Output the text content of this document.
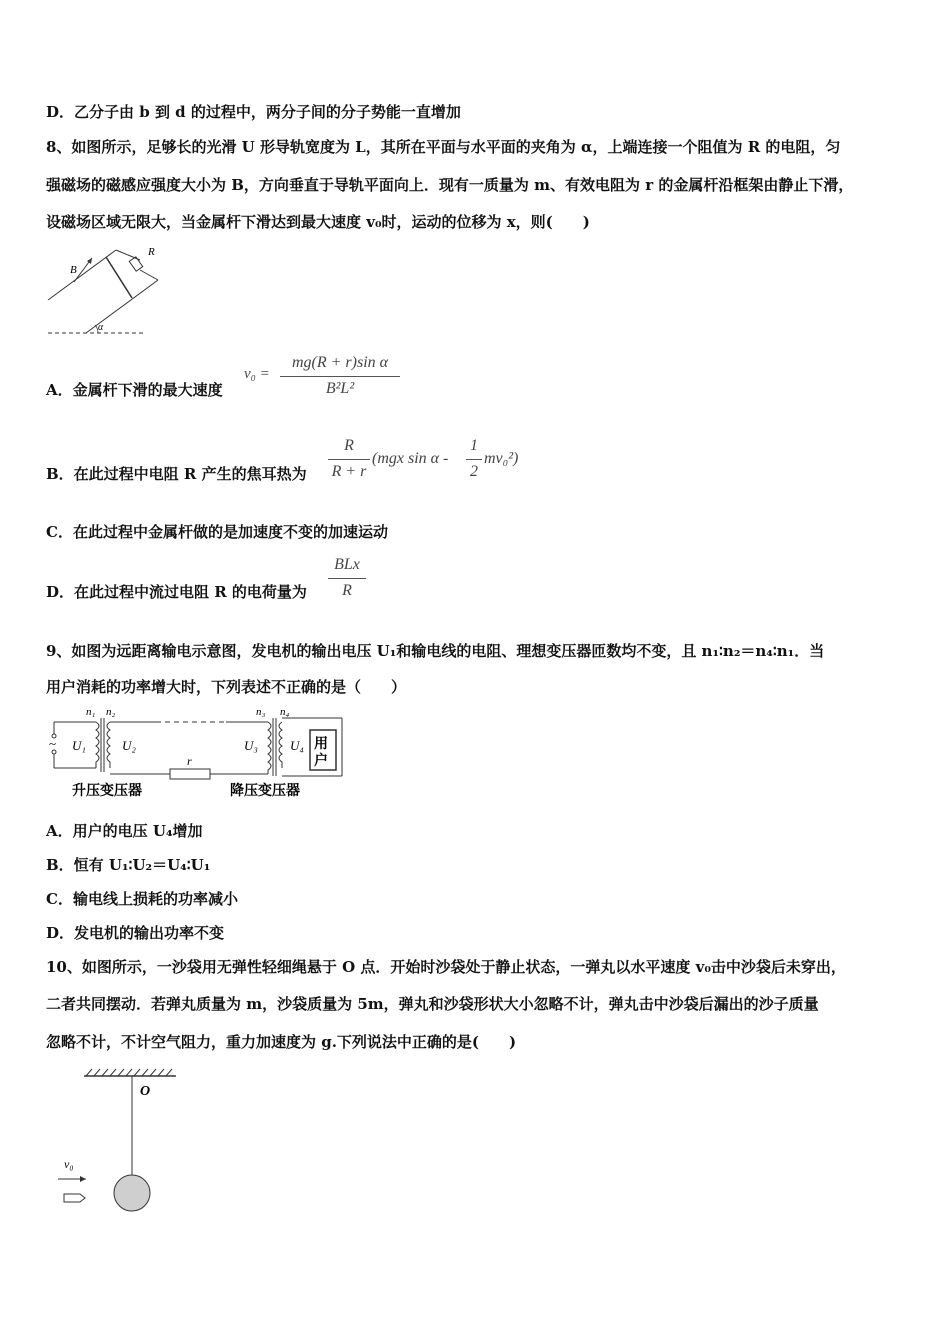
D．乙分子由 b 到 d 的过程中，两分子间的分子势能一直增加
8、如图所示，足够长的光滑 U 形导轨宽度为 L，其所在平面与水平面的夹角为 α，上端连接一个阻值为 R 的电阻，匀
强磁场的磁感应强度大小为 B，方向垂直于导轨平面向上．现有一质量为 m、有效电阻为 r 的金属杆沿框架由静止下滑，
设磁场区域无限大，当金属杆下滑达到最大速度 v₀时，运动的位移为 x，则(　　)
B
R
α
A．金属杆下滑的最大速度
v₀ =
mg(R + r)sin α
B²L²
B．在此过程中电阻 R 产生的焦耳热为
R
R + r
(mgx sin α -
1
2
mv₀²)
C．在此过程中金属杆做的是加速度不变的加速运动
D．在此过程中流过电阻 R 的电荷量为
BLx
R
9、如图为远距离输电示意图，发电机的输出电压 U₁和输电线的电阻、理想变压器匝数均不变，且 n₁∶n₂＝n₄∶n₁．当
用户消耗的功率增大时，下列表述不正确的是（　　）
~ U₁
n₁ n₂
U₂
r
n₃ n₄
U₃ U₄ 用
户
升压变压器	降压变压器
A．用户的电压 U₄增加
B．恒有 U₁∶U₂＝U₄∶U₁
C．输电线上损耗的功率减小
D．发电机的输出功率不变
10、如图所示，一沙袋用无弹性轻细绳悬于 O 点．开始时沙袋处于静止状态，一弹丸以水平速度 v₀击中沙袋后未穿出，
二者共同摆动．若弹丸质量为 m，沙袋质量为 5m，弹丸和沙袋形状大小忽略不计，弹丸击中沙袋后漏出的沙子质量
忽略不计，不计空气阻力，重力加速度为 g.下列说法中正确的是(　　)
O
v₀
